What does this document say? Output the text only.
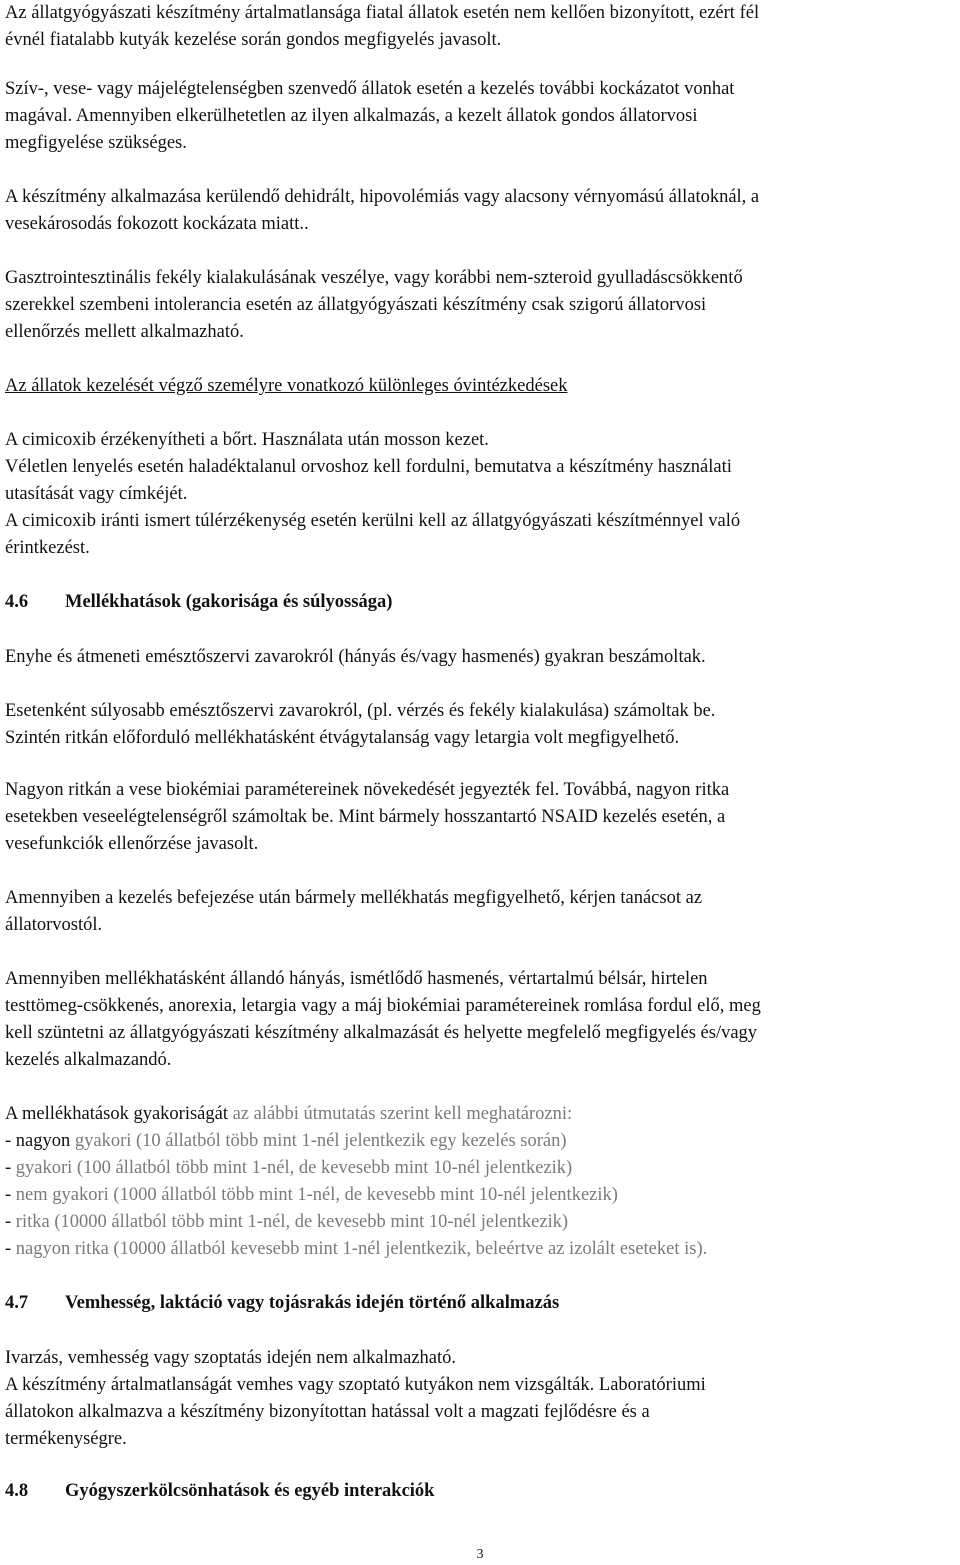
Az állatgyógyászati készítmény ártalmatlansága fiatal állatok esetén nem kellően bizonyított, ezért fél
évnél fiatalabb kutyák kezelése során gondos megfigyelés javasolt.
Szív-, vese- vagy májelégtelenségben szenvedő állatok esetén a kezelés további kockázatot vonhat
magával. Amennyiben elkerülhetetlen az ilyen alkalmazás, a kezelt állatok gondos állatorvosi
megfigyelése szükséges.
A készítmény alkalmazása kerülendő dehidrált, hipovolémiás vagy alacsony vérnyomású állatoknál, a
vesekárosodás fokozott kockázata miatt..
Gasztrointesztinális fekély kialakulásának veszélye, vagy korábbi nem-szteroid gyulladáscsökkentő
szerekkel szembeni intolerancia esetén az állatgyógyászati készítmény csak szigorú állatorvosi
ellenőrzés mellett alkalmazható.
Az állatok kezelését végző személyre vonatkozó különleges óvintézkedések
A cimicoxib érzékenyítheti a bőrt. Használata után mosson kezet.
Véletlen lenyelés esetén haladéktalanul orvoshoz kell fordulni, bemutatva a készítmény használati
utasítását vagy címkéjét.
A cimicoxib iránti ismert túlérzékenység esetén kerülni kell az állatgyógyászati készítménnyel való
érintkezést.
4.6 Mellékhatások (gakorisága és súlyossága)
Enyhe és átmeneti emésztőszervi zavarokról (hányás és/vagy hasmenés) gyakran beszámoltak.
Esetenként súlyosabb emésztőszervi zavarokról, (pl. vérzés és fekély kialakulása) számoltak be.
Szintén ritkán előforduló mellékhatásként étvágytalanság vagy letargia volt megfigyelhető.
Nagyon ritkán a vese biokémiai paramétereinek növekedését jegyezték fel. Továbbá, nagyon ritka
esetekben veseelégtelenségről számoltak be. Mint bármely hosszantartó NSAID kezelés esetén, a
vesefunkciók ellenőrzése javasolt.
Amennyiben a kezelés befejezése után bármely mellékhatás megfigyelhető, kérjen tanácsot az
állatorvostól.
Amennyiben mellékhatásként állandó hányás, ismétlődő hasmenés, vértartalmú bélsár, hirtelen
testtömeg-csökkenés, anorexia, letargia vagy a máj biokémiai paramétereinek romlása fordul elő, meg
kell szüntetni az állatgyógyászati készítmény alkalmazását és helyette megfelelő megfigyelés és/vagy
kezelés alkalmazandó.
A mellékhatások gyakoriságát az alábbi útmutatás szerint kell meghatározni:
- nagyon gyakori (10 állatból több mint 1-nél jelentkezik egy kezelés során)
- gyakori (100 állatból több mint 1-nél, de kevesebb mint 10-nél jelentkezik)
- nem gyakori (1000 állatból több mint 1-nél, de kevesebb mint 10-nél jelentkezik)
- ritka (10000 állatból több mint 1-nél, de kevesebb mint 10-nél jelentkezik)
- nagyon ritka (10000 állatból kevesebb mint 1-nél jelentkezik, beleértve az izolált eseteket is).
4.7 Vemhesség, laktáció vagy tojásrakás idején történő alkalmazás
Ivarzás, vemhesség vagy szoptatás idején nem alkalmazható.
A készítmény ártalmatlanságát vemhes vagy szoptató kutyákon nem vizsgálták. Laboratóriumi
állatokon alkalmazva a készítmény bizonyítottan hatással volt a magzati fejlődésre és a
termékenységre.
4.8 Gyógyszerkölcsönhatások és egyéb interakciók
3
